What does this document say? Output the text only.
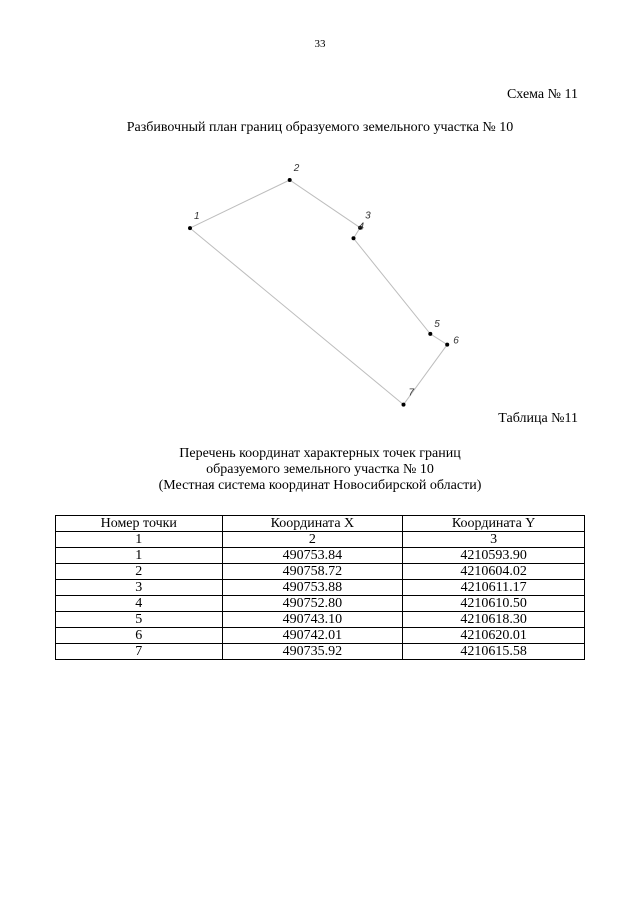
33
Схема № 11
Разбивочный план границ образуемого земельного участка № 10
1
2
3
4
5
6
7
Таблица №11
Перечень координат характерных точек границ
образуемого земельного участка № 10
(Местная система координат Новосибирской области)
Номер точки	Координата X	Координата Y
1	2	3
1	490753.84	4210593.90
2	490758.72	4210604.02
3	490753.88	4210611.17
4	490752.80	4210610.50
5	490743.10	4210618.30
6	490742.01	4210620.01
7	490735.92	4210615.58
